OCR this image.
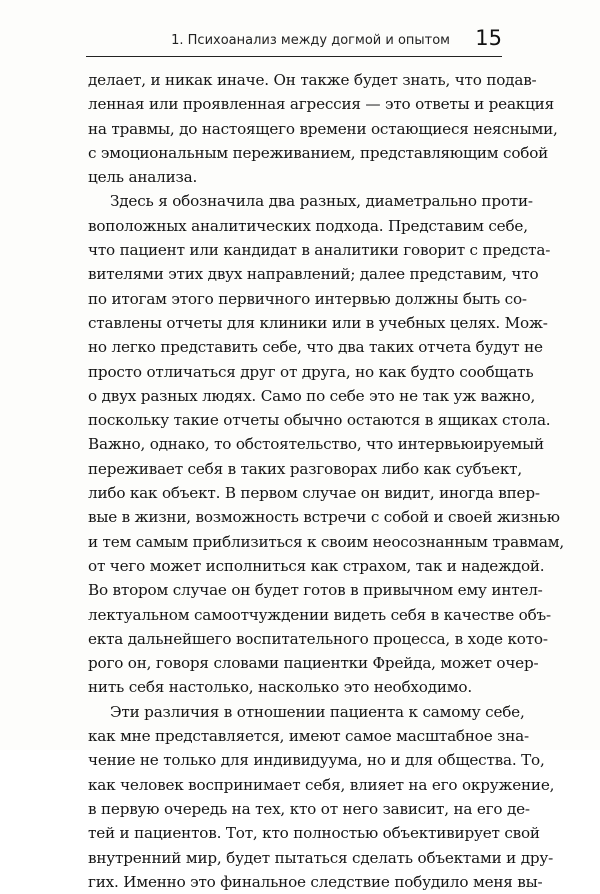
1. Психоанализ между догмой и опытом 15
делает, и никак иначе. Он также будет знать, что подав-
ленная или проявленная агрессия — это ответы и реакция
на травмы, до настоящего времени остающиеся неясными,
с эмоциональным переживанием, представляющим собой
цель анализа.
Здесь я обозначила два разных, диаметрально проти-
воположных аналитических подхода. Представим себе,
что пациент или кандидат в аналитики говорит с предста-
вителями этих двух направлений; далее представим, что
по итогам этого первичного интервью должны быть со-
ставлены отчеты для клиники или в учебных целях. Мож-
но легко представить себе, что два таких отчета будут не
просто отличаться друг от друга, но как будто сообщать
о двух разных людях. Само по себе это не так уж важно,
поскольку такие отчеты обычно остаются в ящиках стола.
Важно, однако, то обстоятельство, что интервьюируемый
переживает себя в таких разговорах либо как субъект,
либо как объект. В первом случае он видит, иногда впер-
вые в жизни, возможность встречи с собой и своей жизнью
и тем самым приблизиться к своим неосознанным травмам,
от чего может исполниться как страхом, так и надеждой.
Во втором случае он будет готов в привычном ему интел-
лектуальном самоотчуждении видеть себя в качестве объ-
екта дальнейшего воспитательного процесса, в ходе кото-
рого он, говоря словами пациентки Фрейда, может очер-
нить себя настолько, насколько это необходимо.
Эти различия в отношении пациента к самому себе,
как мне представляется, имеют самое масштабное зна-
чение не только для индивидуума, но и для общества. То,
как человек воспринимает себя, влияет на его окружение,
в первую очередь на тех, кто от него зависит, на его де-
тей и пациентов. Тот, кто полностью объективирует свой
внутренний мир, будет пытаться сделать объектами и дру-
гих. Именно это финальное следствие побудило меня вы-
